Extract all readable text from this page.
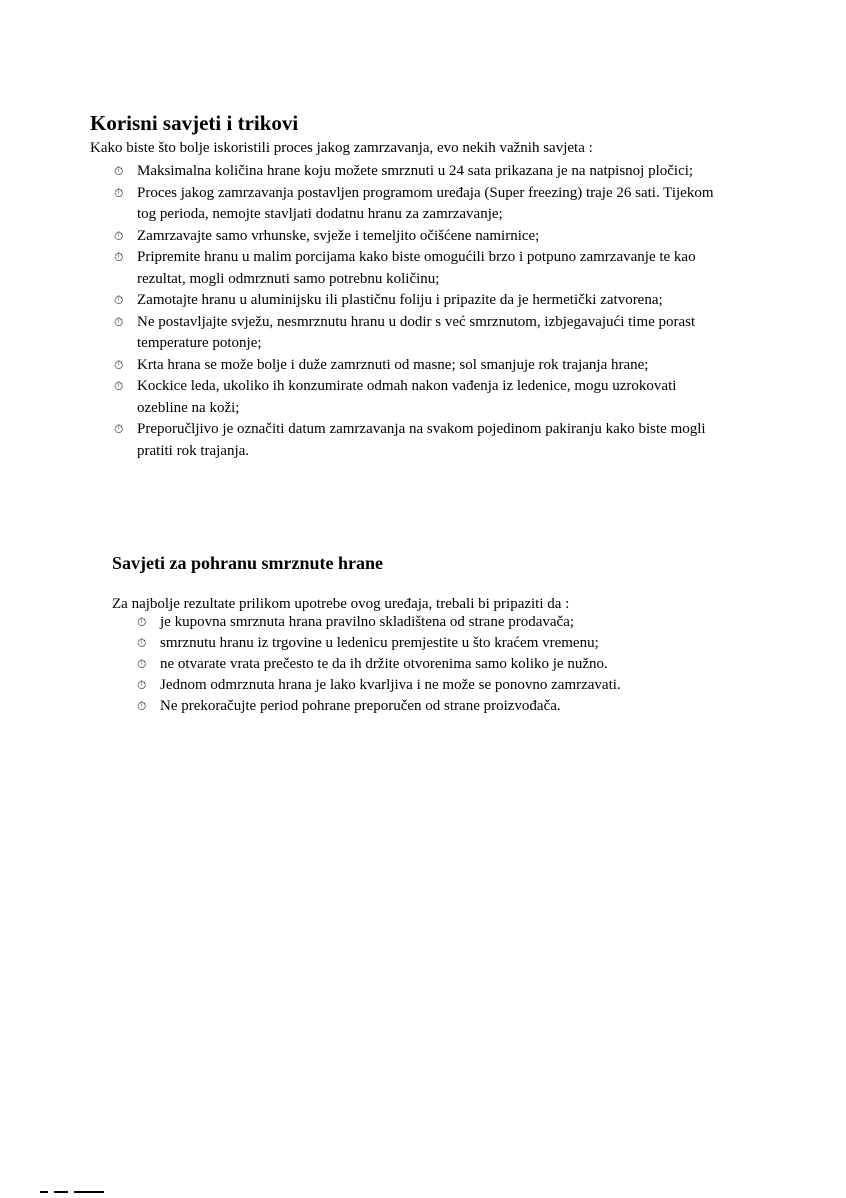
Korisni savjeti i trikovi
Kako biste što bolje iskoristili proces jakog zamrzavanja, evo nekih važnih savjeta :
⏱ Maksimalna količina hrane koju možete smrznuti u 24 sata prikazana je na natpisnoj pločici;
⏱ Proces jakog zamrzavanja postavljen programom uređaja (Super freezing) traje 26 sati. Tijekom tog perioda, nemojte stavljati dodatnu hranu za zamrzavanje;
⏱ Zamrzavajte samo vrhunske, svježe i temeljito očišćene namirnice;
⏱ Pripremite hranu u malim porcijama kako biste omogućili brzo i potpuno zamrzavanje te kao rezultat, mogli odmrznuti samo potrebnu količinu;
⏱ Zamotajte hranu u aluminijsku ili plastičnu foliju i pripazite da je hermetički zatvorena;
⏱ Ne postavljajte svježu, nesmrznutu hranu u dodir s već smrznutom, izbjegavajući time porast temperature potonje;
⏱ Krta hrana se može bolje i duže zamrznuti od masne; sol smanjuje rok trajanja hrane;
⏱ Kockice leda, ukoliko ih konzumirate odmah nakon vađenja iz ledenice, mogu uzrokovati ozebline na koži;
⏱ Preporučljivo je označiti datum zamrzavanja na svakom pojedinom pakiranju kako biste mogli pratiti rok trajanja.
Savjeti za pohranu smrznute hrane
Za najbolje rezultate prilikom upotrebe ovog uređaja, trebali bi pripaziti da :
⏱ je kupovna smrznuta hrana pravilno skladištena od strane prodavača;
⏱ smrznutu hranu iz trgovine u ledenicu premjestite u što kraćem vremenu;
⏱ ne otvarate vrata prečesto te da ih držite otvorenima samo koliko je nužno.
⏱ Jednom odmrznuta hrana je lako kvarljiva i ne može se ponovno zamrzavati.
⏱ Ne prekoračujte period pohrane preporučen od strane proizvođača.
